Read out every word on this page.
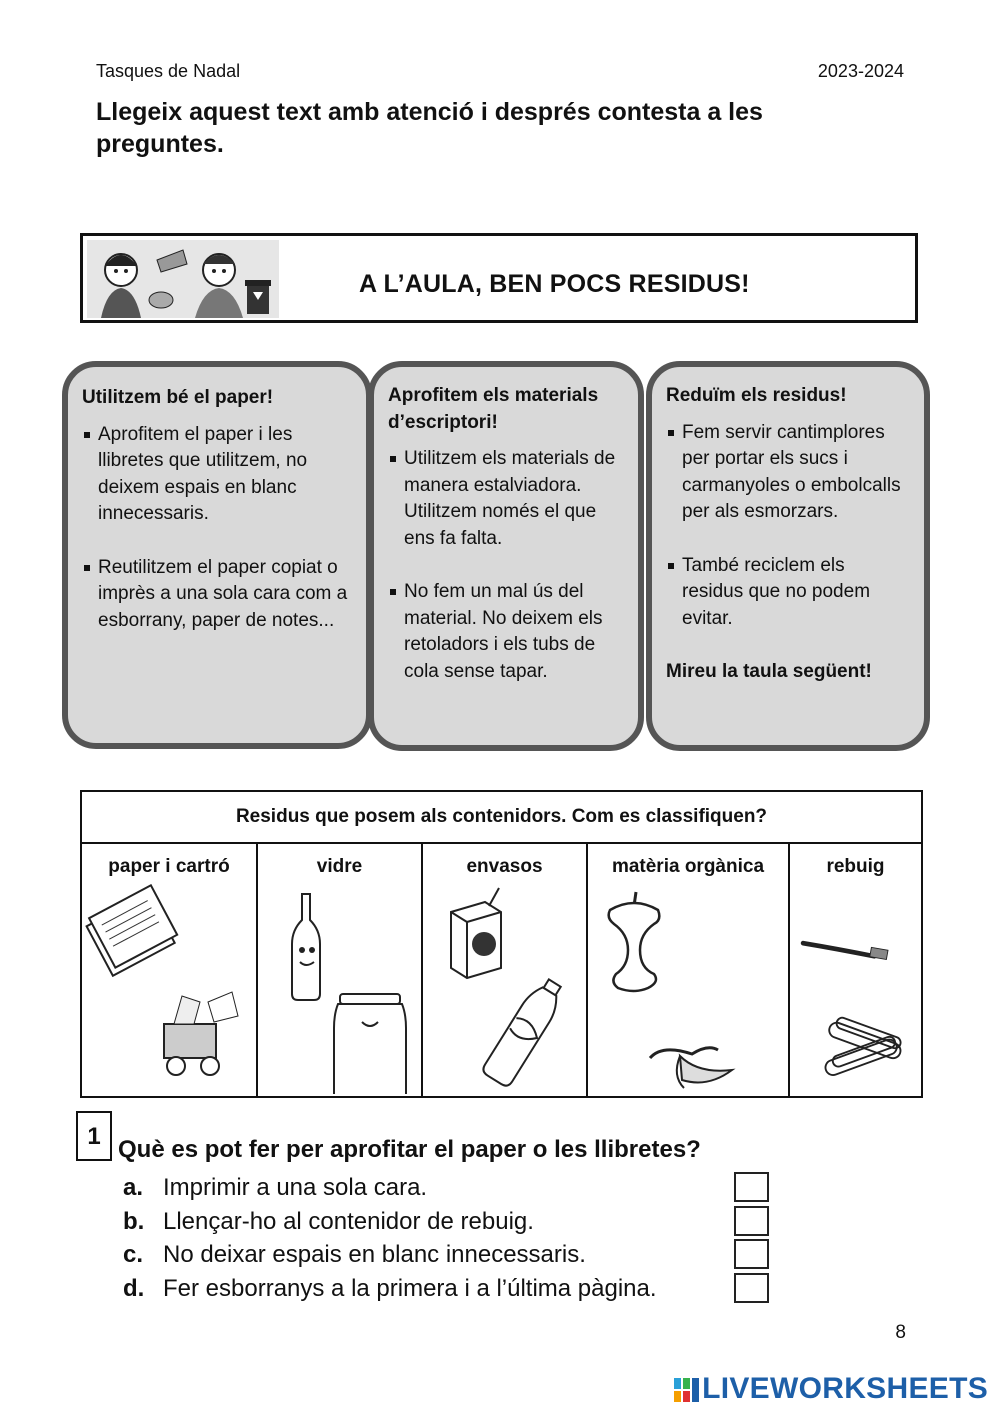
Tasques de Nadal	2023-2024
Llegeix aquest text amb atenció i després contesta a les preguntes.
A L’AULA, BEN POCS RESIDUS!
Utilitzem bé el paper!
Aprofitem el paper i les llibretes que utilitzem, no deixem espais en blanc innecessaris.
Reutilitzem el paper copiat o imprès a una sola cara com a esborrany, paper de notes...
Aprofitem els materials d’escriptori!
Utilitzem els materials de manera estalviadora. Utilitzem només el que ens fa falta.
No fem un mal ús del material. No deixem els retoladors i els tubs de cola sense tapar.
Reduïm els residus!
Fem servir cantimplores per portar els sucs i carmanyoles o embolcalls per als esmorzars.
També reciclem els residus que no podem evitar.
Mireu la taula següent!
Residus que posem als contenidors. Com es classifiquen?

paper i cartró	vidre	envasos	matèria orgànica	rebuig
1 Què es pot fer per aprofitar el paper o les llibretes?
a. Imprimir a una sola cara.
b. Llençar-ho al contenidor de rebuig.
c. No deixar espais en blanc innecessaris.
d. Fer esborranys a la primera i a l’última pàgina.
8
LIVEWORKSHEETS
